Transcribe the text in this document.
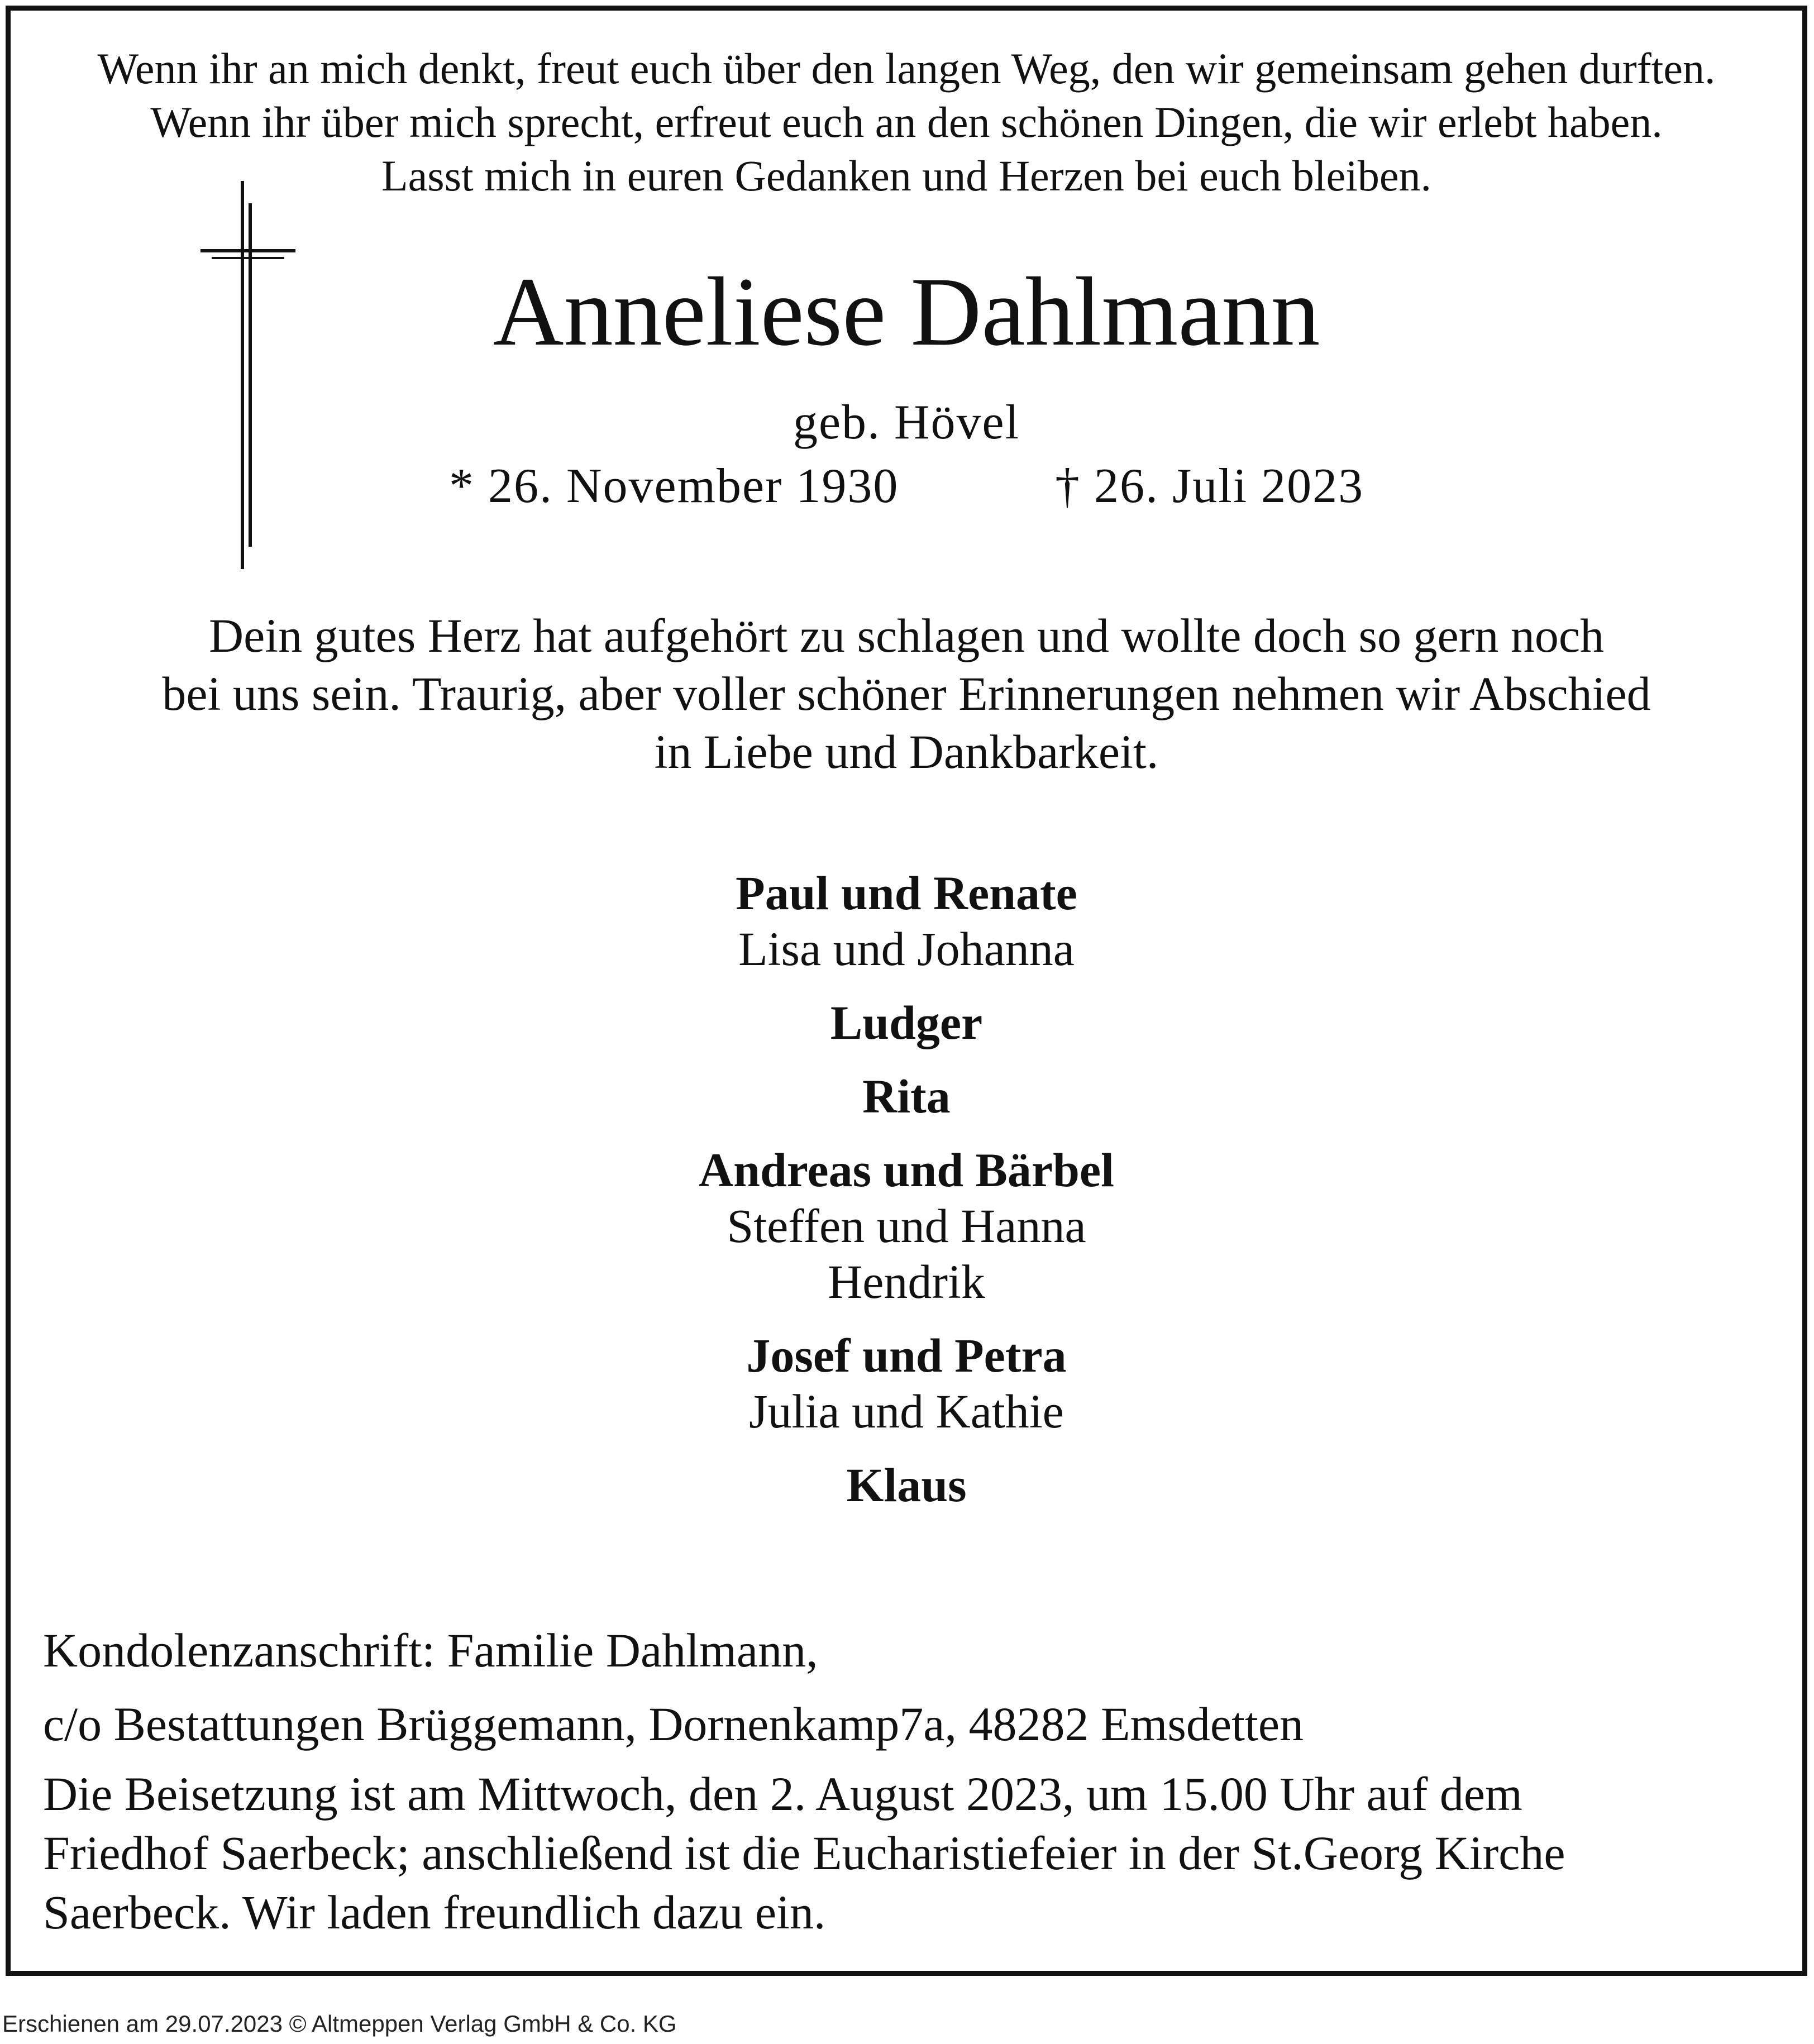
Wenn ihr an mich denkt, freut euch über den langen Weg, den wir gemeinsam gehen durften.
Wenn ihr über mich sprecht, erfreut euch an den schönen Dingen, die wir erlebt haben.
Lasst mich in euren Gedanken und Herzen bei euch bleiben.
Anneliese Dahlmann
geb. Hövel
* 26. November 1930	† 26. Juli 2023
Dein gutes Herz hat aufgehört zu schlagen und wollte doch so gern noch
bei uns sein. Traurig, aber voller schöner Erinnerungen nehmen wir Abschied
in Liebe und Dankbarkeit.
Paul und Renate
Lisa und Johanna
Ludger
Rita
Andreas und Bärbel
Steffen und Hanna
Hendrik
Josef und Petra
Julia und Kathie
Klaus
Kondolenzanschrift: Familie Dahlmann,
c/o Bestattungen Brüggemann, Dornenkamp7a, 48282 Emsdetten
Die Beisetzung ist am Mittwoch, den 2. August 2023, um 15.00 Uhr auf dem
Friedhof Saerbeck; anschließend ist die Eucharistiefeier in der St.Georg Kirche
Saerbeck. Wir laden freundlich dazu ein.
Erschienen am 29.07.2023 © Altmeppen Verlag GmbH & Co. KG
